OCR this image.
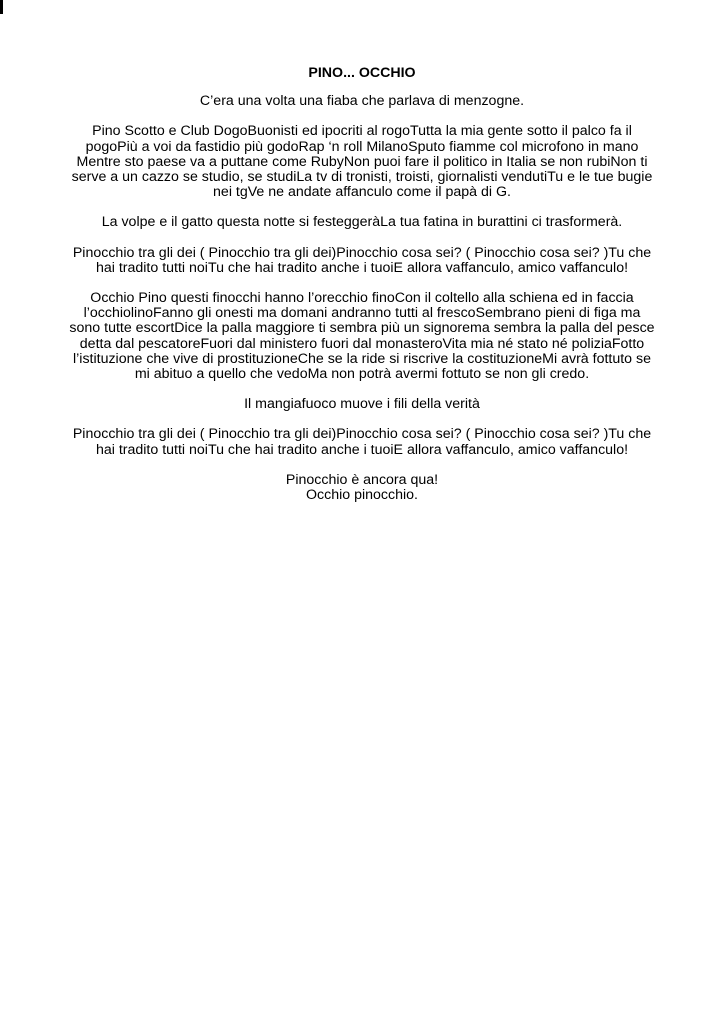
PINO... OCCHIO
C’era una volta una fiaba che parlava di menzogne.
Pino Scotto e Club DogoBuonisti ed ipocriti al rogoTutta la mia gente sotto il palco fa il pogoPiù a voi da fastidio più godoRap ‘n roll MilanoSputo fiamme col microfono in mano Mentre sto paese va a puttane come RubyNon puoi fare il politico in Italia se non rubiNon ti serve a un cazzo se studio, se studiLa tv di tronisti, troisti, giornalisti vendutiTu e le tue bugie nei tgVe ne andate affanculo come il papà di G.
La volpe e il gatto questa notte si festeggeràLa tua fatina in burattini ci trasformerà.
Pinocchio tra gli dei ( Pinocchio tra gli dei)Pinocchio cosa sei? ( Pinocchio cosa sei? )Tu che hai tradito tutti noiTu che hai tradito anche i tuoiE allora vaffanculo, amico vaffanculo!
Occhio Pino questi finocchi hanno l’orecchio finoCon il coltello alla schiena ed in faccia l’occhiolinoFanno gli onesti ma domani andranno tutti al frescoSembrano pieni di figa ma sono tutte escortDice la palla maggiore ti sembra più un signorema sembra la palla del pesce detta dal pescatoreFuori dal ministero fuori dal monasteroVita mia né stato né poliziaFotto l’istituzione che vive di prostituzioneChe se la ride si riscrive la costituzioneMi avrà fottuto se mi abituo a quello che vedoMa non potrà avermi fottuto se non gli credo.
Il mangiafuoco muove i fili della verità
Pinocchio tra gli dei ( Pinocchio tra gli dei)Pinocchio cosa sei? ( Pinocchio cosa sei? )Tu che hai tradito tutti noiTu che hai tradito anche i tuoiE allora vaffanculo, amico vaffanculo!
Pinocchio è ancora qua!
Occhio pinocchio.
